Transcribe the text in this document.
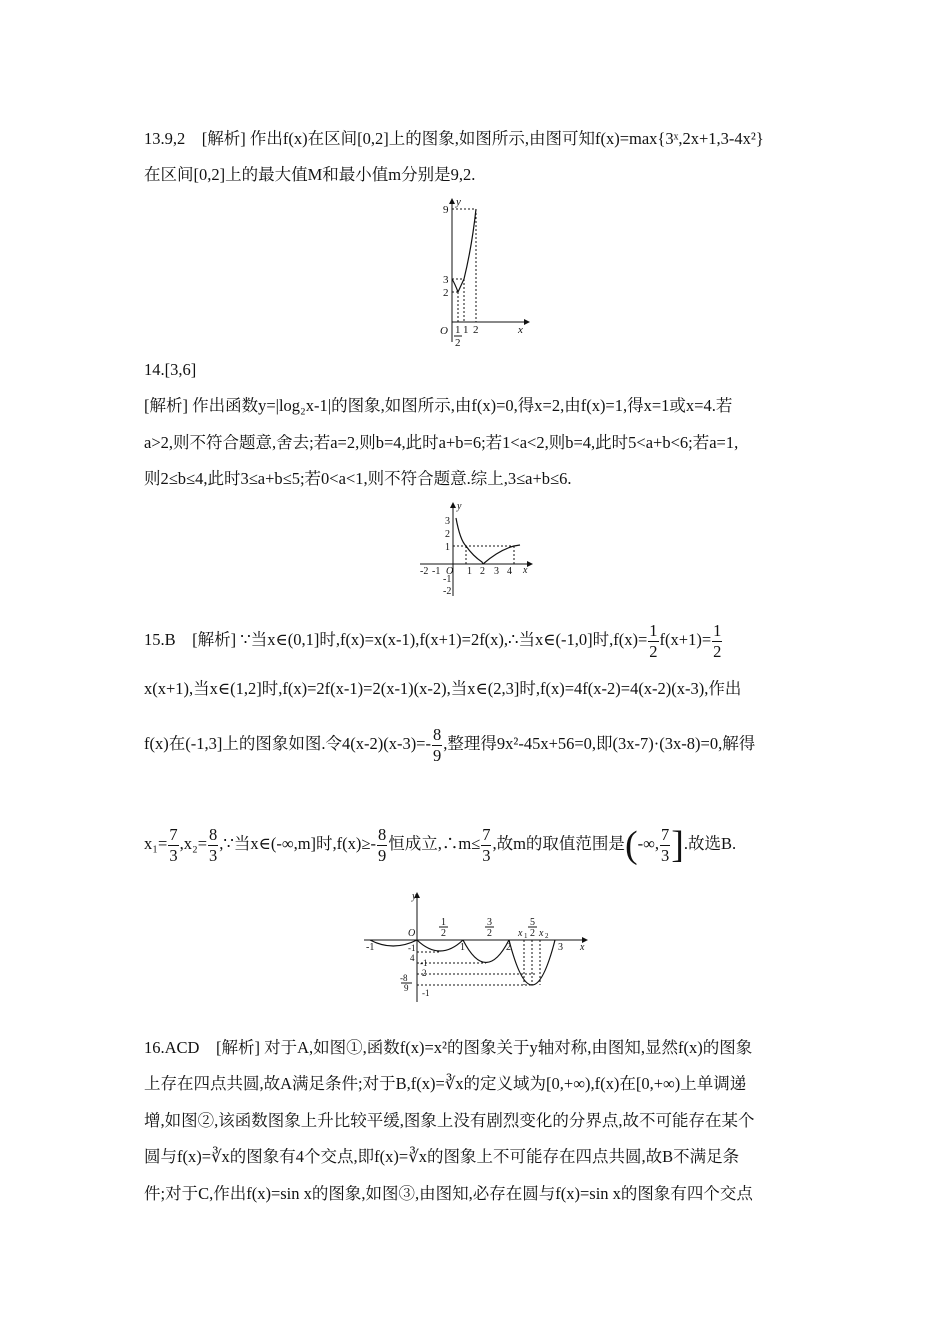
13.9,2　[解析] 作出f(x)在区间[0,2]上的图象,如图所示,由图可知f(x)=max{3ˣ,2x+1,3-4x²}
在区间[0,2]上的最大值M和最小值m分别是9,2.
y
x
O
9
3
2
1
2
1 2
14.[3,6]
[解析] 作出函数y=|log₂x-1|的图象,如图所示,由f(x)=0,得x=2,由f(x)=1,得x=1或x=4.若
a>2,则不符合题意,舍去;若a=2,则b=4,此时a+b=6;若1<a<2,则b=4,此时5<a+b<6;若a=1,
则2≤b≤4,此时3≤a+b≤5;若0<a<1,则不符合题意.综上,3≤a+b≤6.
y
x
O
3
2
1
-1
-2
-2 -1	1 2 3 4
15.B　[解析] ∵当x∈(0,1]时,f(x)=x(x-1),f(x+1)=2f(x),∴当x∈(-1,0]时$,f(x)= \frac{1}{2} f(x+1)= \frac{1}{2}$
x(x+1),当x∈(1,2]时,f(x)=2f(x-1)=2(x-1)(x-2),当x∈(2,3]时,f(x)=4f(x-2)=4(x-2)(x-3),作出
f(x)在(-1,3]上的图象如图.令$4(x-2)(x-3)=- \frac{8}{9}$ ,整理得9x²-45x+56=0,即(3x-7)·(3x-8)=0,解得
$x_1= \frac{7}{3} ,x_2= \frac{8}{3}$ ,∵当x∈(-∞,m]时$,f(x)\ge- \frac{8}{9}$ 恒成立,∴m≤ $\frac{7}{3}$ ,故m的取值范围是(-∞, $\frac{7}{3}$ ].故选B.
y
x
O
-1
1
2
1
3
2
2
x 1
5
2 x 2
3
-1
4 -1
2
-8
9 -1
16.ACD　[解析] 对于A,如图①,函数f(x)=x²的图象关于y轴对称,由图知,显然f(x)的图象
上存在四点共圆,故A满足条件;对于B,f(x)=∛x的定义域为[0,+∞),f(x)在[0,+∞)上单调递
增,如图②,该函数图象上升比较平缓,图象上没有剧烈变化的分界点,故不可能存在某个
圆与f(x)=∛x的图象有4个交点,即f(x)=∛x的图象上不可能存在四点共圆,故B不满足条
件;对于C,作出f(x)=sin x的图象,如图③,由图知,必存在圆与f(x)=sin x的图象有四个交点
